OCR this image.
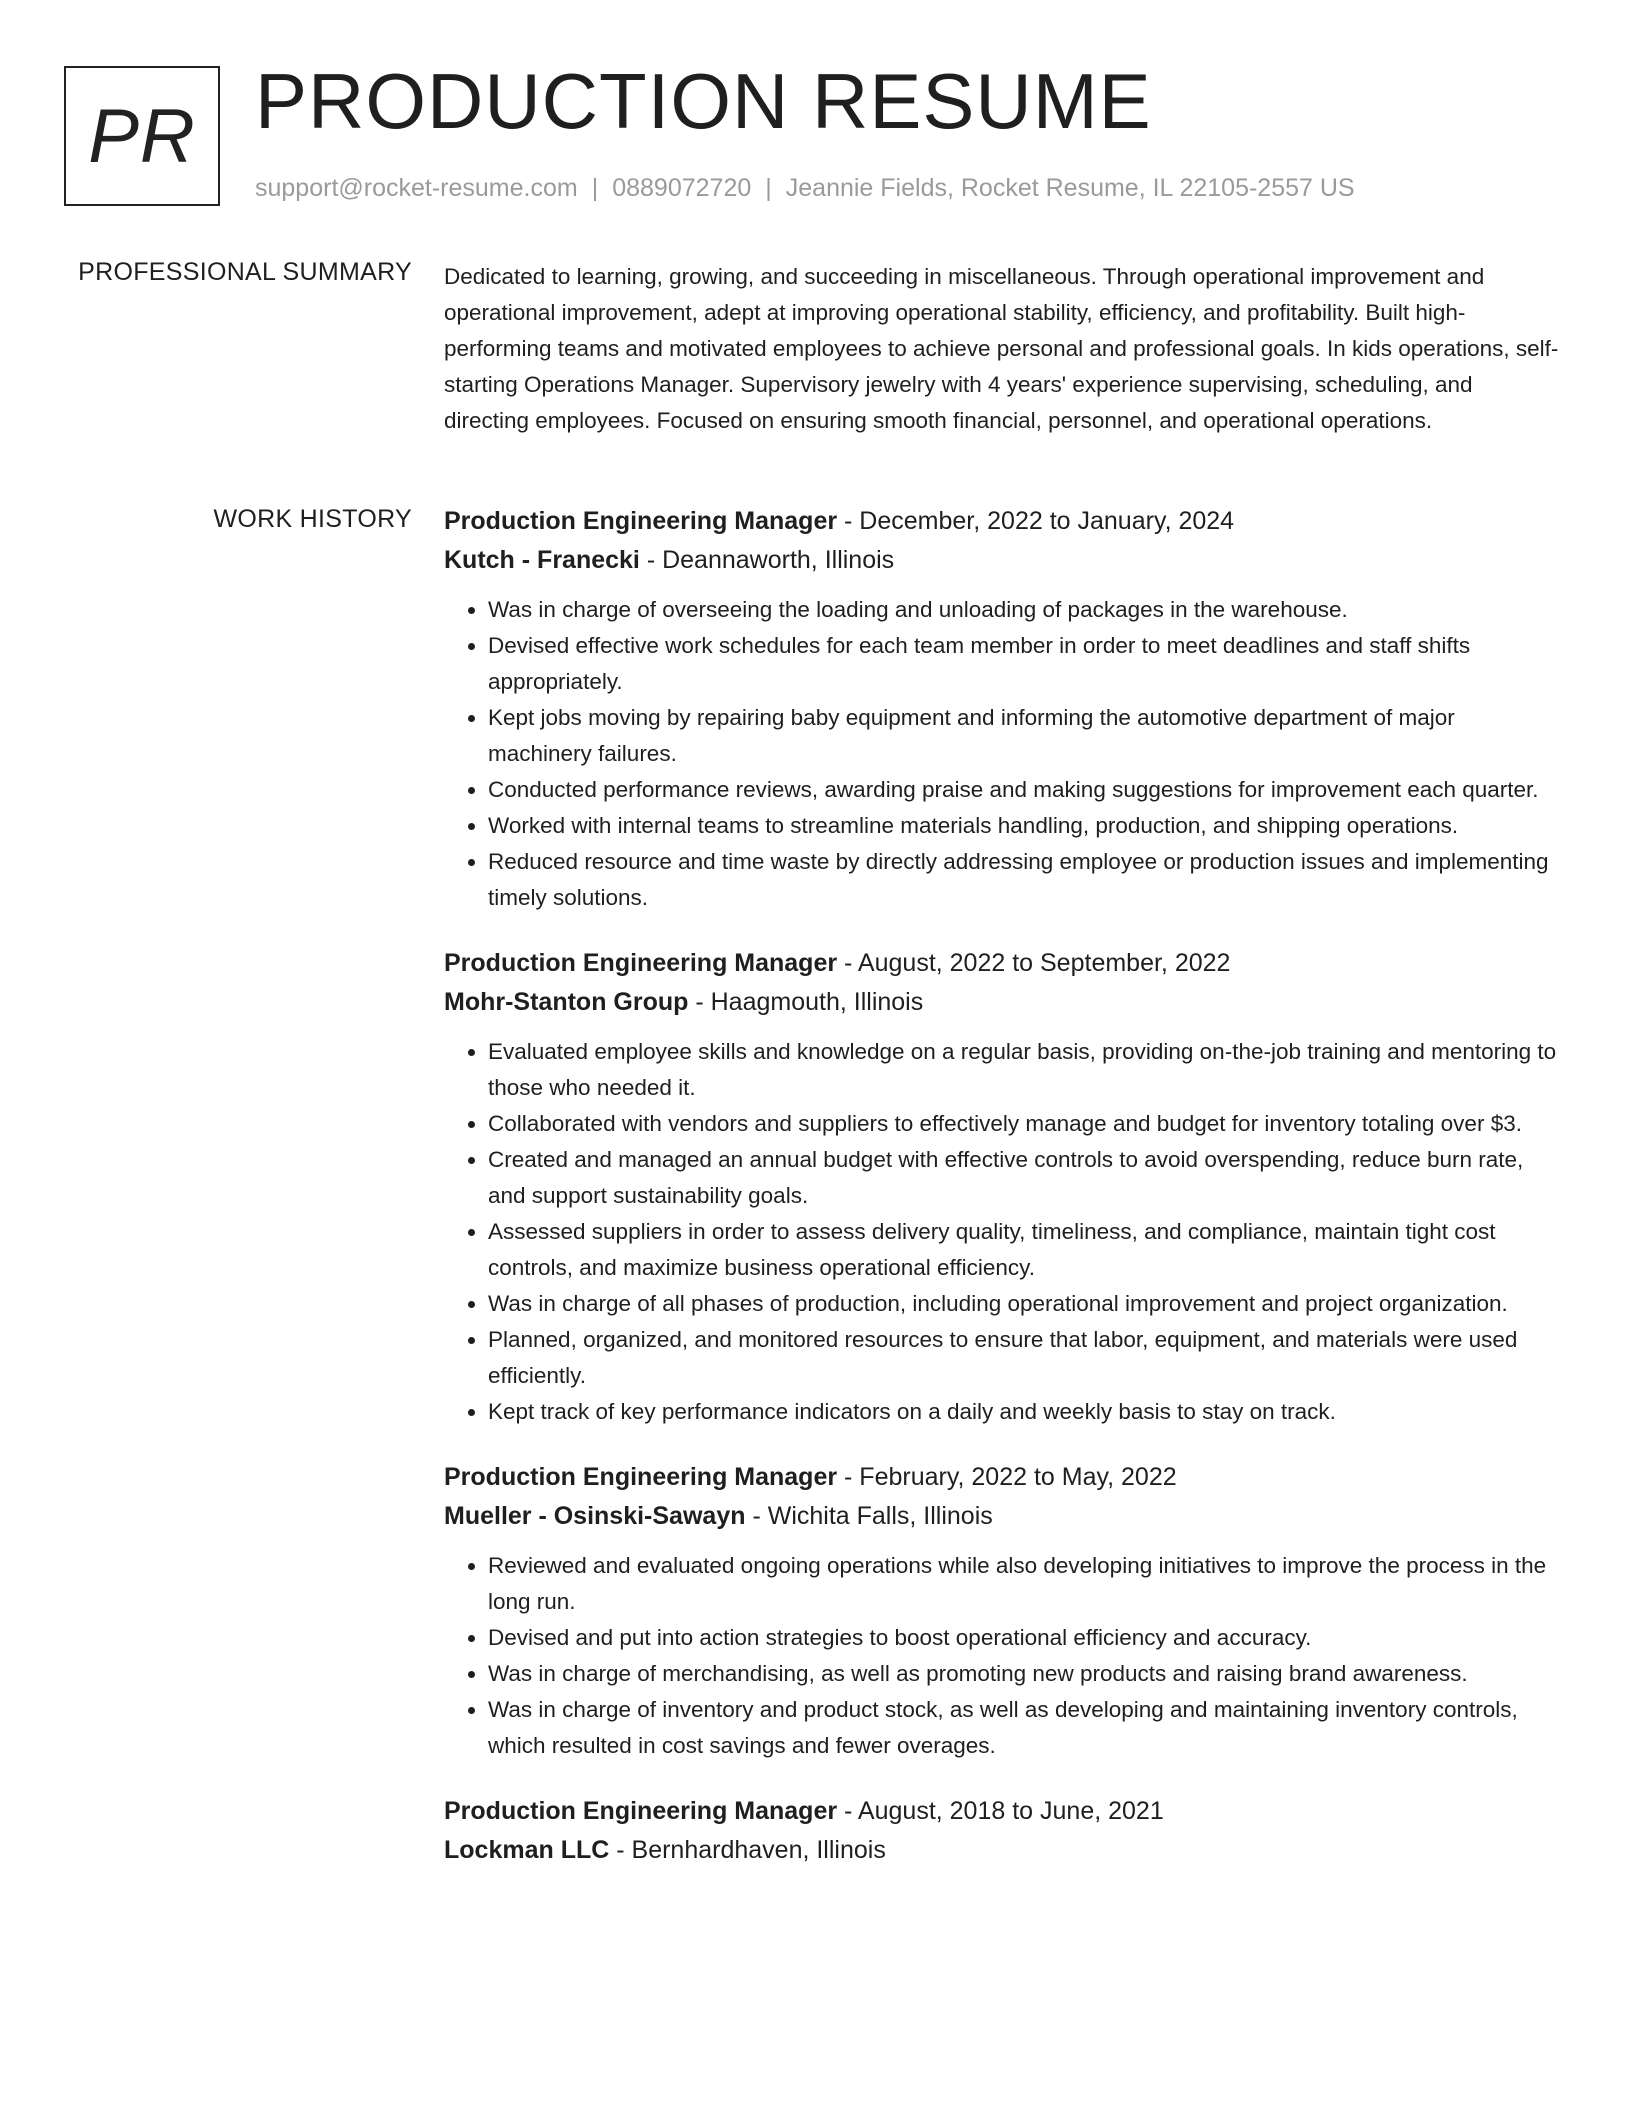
PR PRODUCTION RESUME
support@rocket-resume.com | 0889072720 | Jeannie Fields, Rocket Resume, IL 22105-2557 US
PROFESSIONAL SUMMARY Dedicated to learning, growing, and succeeding in miscellaneous. Through operational improvement and operational improvement, adept at improving operational stability, efficiency, and profitability. Built high-performing teams and motivated employees to achieve personal and professional goals. In kids operations, self-starting Operations Manager. Supervisory jewelry with 4 years' experience supervising, scheduling, and directing employees. Focused on ensuring smooth financial, personnel, and operational operations.

WORK HISTORY Production Engineering Manager - December, 2022 to January, 2024
Kutch - Franecki - Deannaworth, Illinois
• Was in charge of overseeing the loading and unloading of packages in the warehouse.
• Devised effective work schedules for each team member in order to meet deadlines and staff shifts appropriately.
• Kept jobs moving by repairing baby equipment and informing the automotive department of major machinery failures.
• Conducted performance reviews, awarding praise and making suggestions for improvement each quarter.
• Worked with internal teams to streamline materials handling, production, and shipping operations.
• Reduced resource and time waste by directly addressing employee or production issues and implementing timely solutions.
Production Engineering Manager - August, 2022 to September, 2022
Mohr-Stanton Group - Haagmouth, Illinois
• Evaluated employee skills and knowledge on a regular basis, providing on-the-job training and mentoring to those who needed it.
• Collaborated with vendors and suppliers to effectively manage and budget for inventory totaling over $3.
• Created and managed an annual budget with effective controls to avoid overspending, reduce burn rate, and support sustainability goals.
• Assessed suppliers in order to assess delivery quality, timeliness, and compliance, maintain tight cost controls, and maximize business operational efficiency.
• Was in charge of all phases of production, including operational improvement and project organization.
• Planned, organized, and monitored resources to ensure that labor, equipment, and materials were used efficiently.
• Kept track of key performance indicators on a daily and weekly basis to stay on track.
Production Engineering Manager - February, 2022 to May, 2022
Mueller - Osinski-Sawayn - Wichita Falls, Illinois
• Reviewed and evaluated ongoing operations while also developing initiatives to improve the process in the long run.
• Devised and put into action strategies to boost operational efficiency and accuracy.
• Was in charge of merchandising, as well as promoting new products and raising brand awareness.
• Was in charge of inventory and product stock, as well as developing and maintaining inventory controls, which resulted in cost savings and fewer overages.
Production Engineering Manager - August, 2018 to June, 2021
Lockman LLC - Bernhardhaven, Illinois
